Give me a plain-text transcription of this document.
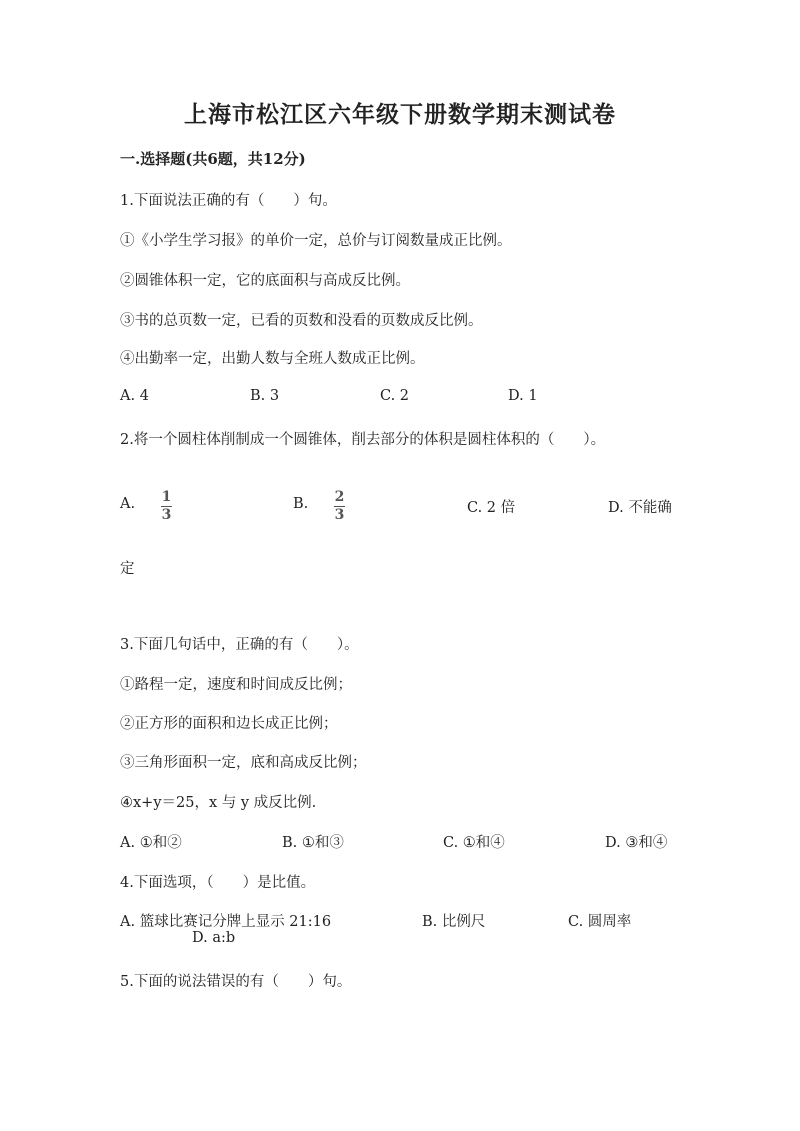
上海市松江区六年级下册数学期末测试卷
一.选择题(共6题，共12分)
1.下面说法正确的有（　　）句。
①《小学生学习报》的单价一定，总价与订阅数量成正比例。
②圆锥体积一定，它的底面积与高成反比例。
③书的总页数一定，已看的页数和没看的页数成反比例。
④出勤率一定，出勤人数与全班人数成正比例。
A. 4	B. 3	C. 2	D. 1
2.将一个圆柱体削制成一个圆锥体，削去部分的体积是圆柱体积的（　　）。
A. 1
3
B. 2
3	C. 2 倍	D. 不能确
定
3.下面几句话中，正确的有（　　）。
①路程一定，速度和时间成反比例；
②正方形的面积和边长成正比例；
③三角形面积一定，底和高成反比例；
④x+y＝25，x 与 y 成反比例.
A. ①和②	B. ①和③	C. ①和④	D. ③和④
4.下面选项，（　　）是比值。
A. 篮球比赛记分牌上显示 21:16	B. 比例尺	C. 圆周率
D. a:b
5.下面的说法错误的有（　　）句。
